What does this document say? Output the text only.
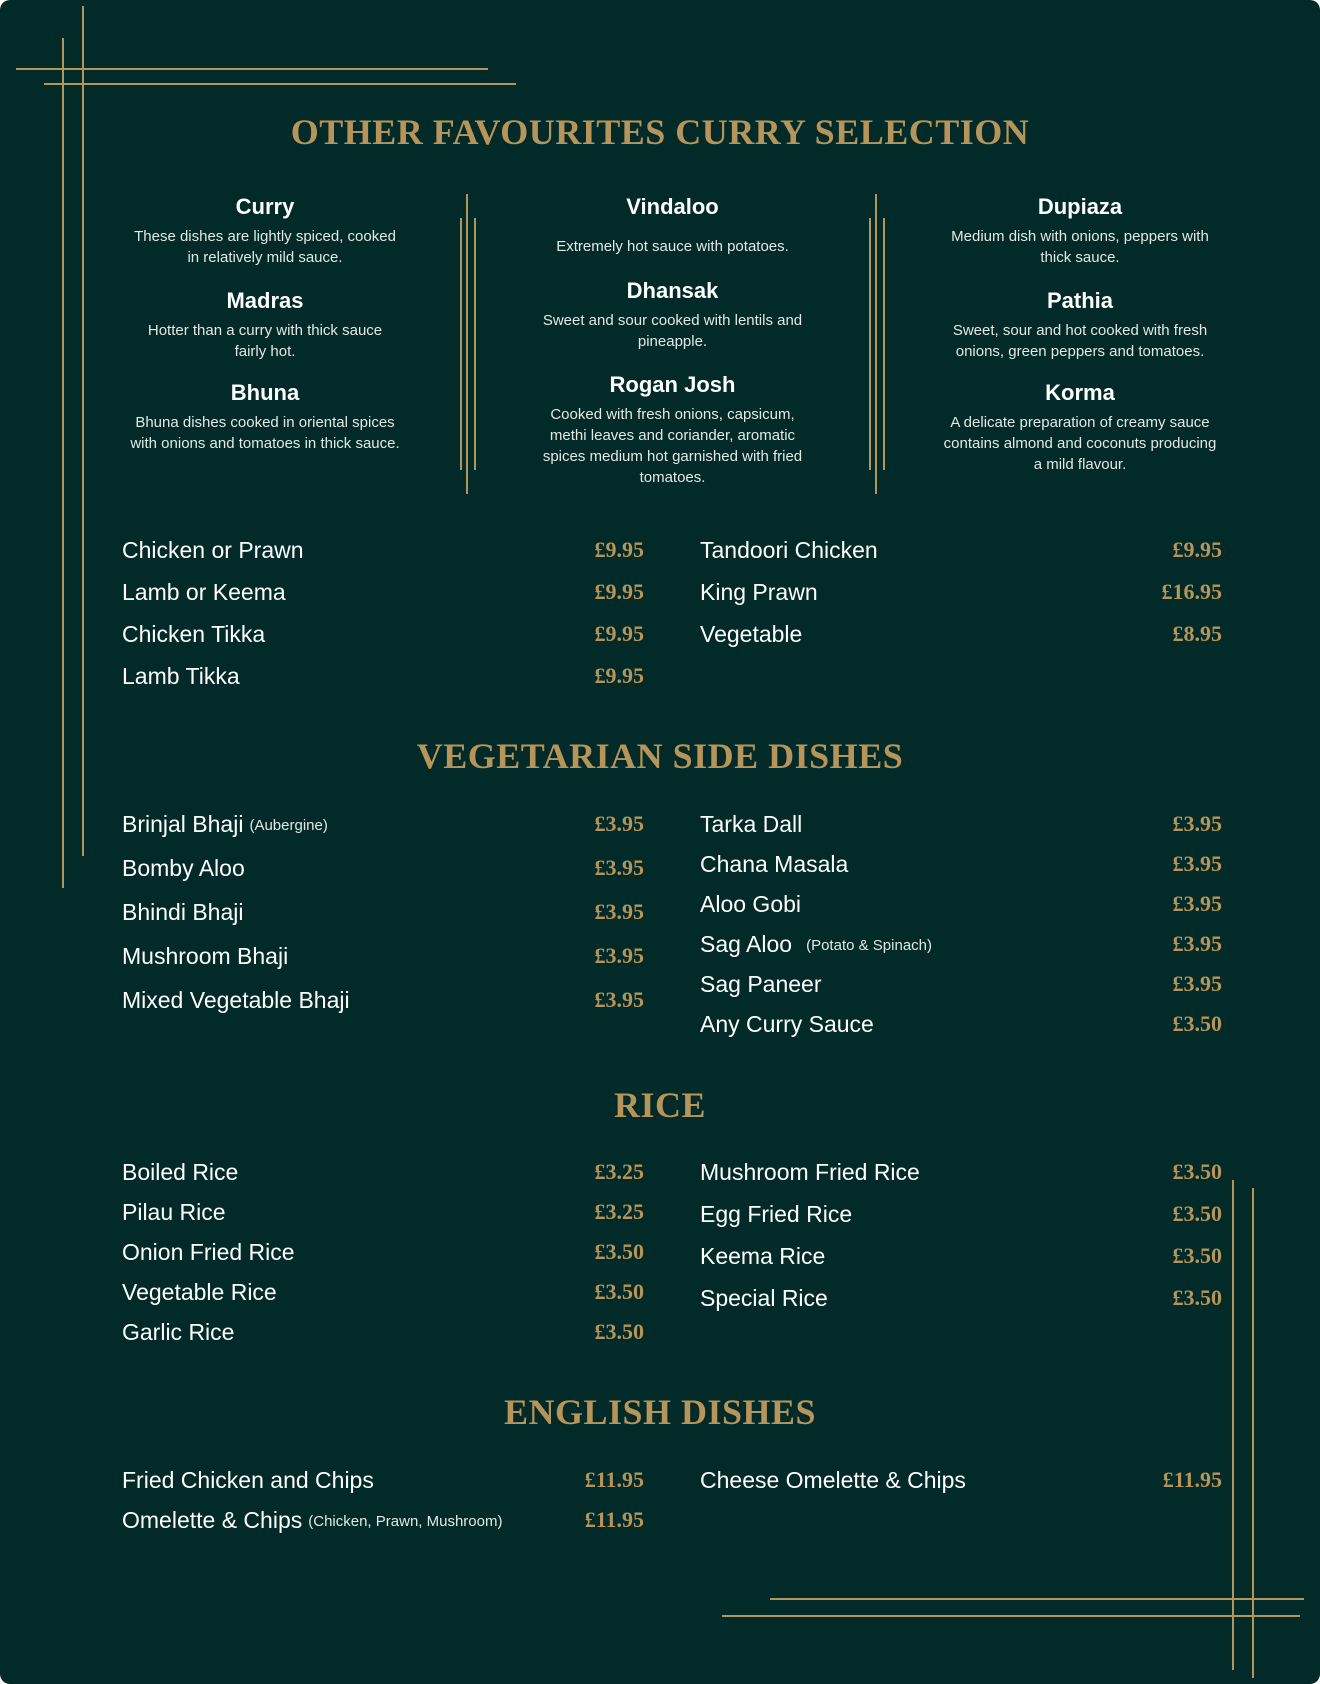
OTHER FAVOURITES CURRY SELECTION
Curry
These dishes are lightly spiced, cooked in relatively mild sauce.
Madras
Hotter than a curry with thick sauce fairly hot.
Bhuna
Bhuna dishes cooked in oriental spices with onions and tomatoes in thick sauce.
Vindaloo
Extremely hot sauce with potatoes.
Dhansak
Sweet and sour cooked with lentils and pineapple.
Rogan Josh
Cooked with fresh onions, capsicum, methi leaves and coriander, aromatic spices medium hot garnished with fried tomatoes.
Dupiaza
Medium dish with onions, peppers with thick sauce.
Pathia
Sweet, sour and hot cooked with fresh onions, green peppers and tomatoes.
Korma
A delicate preparation of creamy sauce contains almond and coconuts producing a mild flavour.
Chicken or Prawn	£9.95
Lamb or Keema	£9.95
Chicken Tikka	£9.95
Lamb Tikka	£9.95
Tandoori Chicken	£9.95
King Prawn	£16.95
Vegetable	£8.95
VEGETARIAN SIDE DISHES
Brinjal Bhaji (Aubergine)	£3.95
Bomby Aloo	£3.95
Bhindi Bhaji	£3.95
Mushroom Bhaji	£3.95
Mixed Vegetable Bhaji	£3.95
Tarka Dall	£3.95
Chana Masala	£3.95
Aloo Gobi	£3.95
Sag Aloo (Potato & Spinach)	£3.95
Sag Paneer	£3.95
Any Curry Sauce	£3.50
RICE
Boiled Rice	£3.25
Pilau Rice	£3.25
Onion Fried Rice	£3.50
Vegetable Rice	£3.50
Garlic Rice	£3.50
Mushroom Fried Rice	£3.50
Egg Fried Rice	£3.50
Keema Rice	£3.50
Special Rice	£3.50
ENGLISH DISHES
Fried Chicken and Chips	£11.95
Omelette & Chips (Chicken, Prawn, Mushroom)	£11.95
Cheese Omelette & Chips	£11.95
